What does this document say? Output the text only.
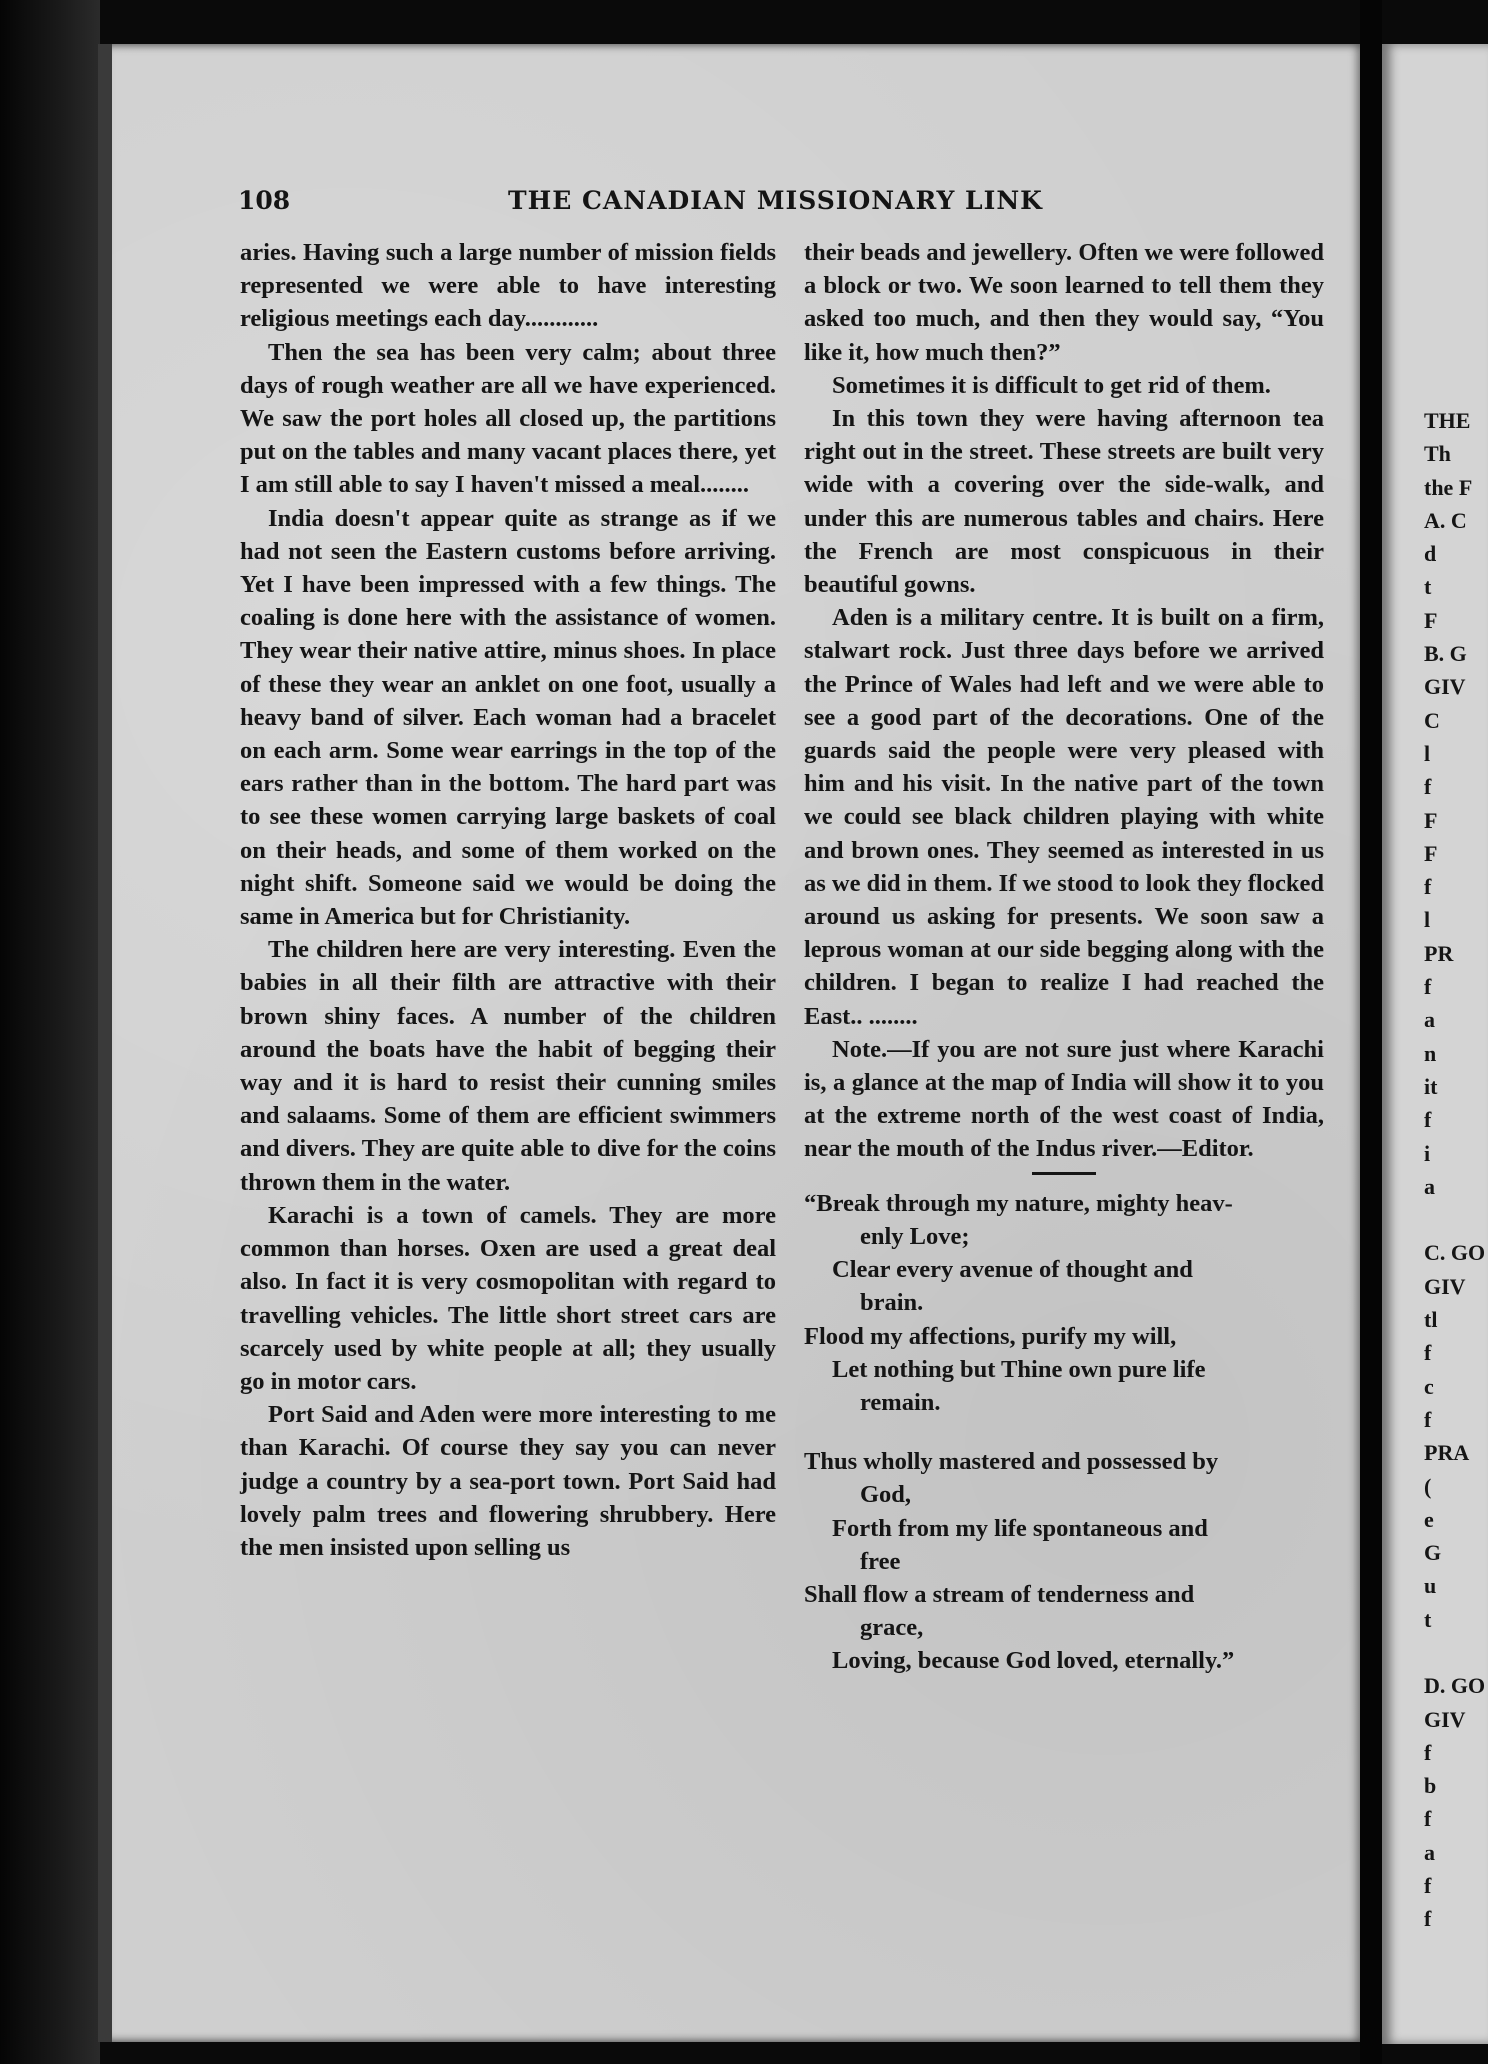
THE
Th
the F
A. C
d
t
F
B. G
GIV
C
l
f
F
F
f
l
PR
f
a
n
it
f
i
a
C. GO
GIV
tl
f
c
f
PRA
(
e
G
u
t
D. GO
GIV
f
b
f
a
f
f
108	THE CANADIAN MISSIONARY LINK

aries. Having such a large number of mission fields represented we were able to have interesting religious meetings each day............

Then the sea has been very calm; about three days of rough weather are all we have experienced. We saw the port holes all closed up, the partitions put on the tables and many vacant places there, yet I am still able to say I haven't missed a meal........

India doesn't appear quite as strange as if we had not seen the Eastern customs before arriving. Yet I have been impressed with a few things. The coaling is done here with the assistance of women. They wear their native attire, minus shoes. In place of these they wear an anklet on one foot, usually a heavy band of silver. Each woman had a bracelet on each arm. Some wear earrings in the top of the ears rather than in the bottom. The hard part was to see these women carrying large baskets of coal on their heads, and some of them worked on the night shift. Someone said we would be doing the same in America but for Christianity.

The children here are very interesting. Even the babies in all their filth are attractive with their brown shiny faces. A number of the children around the boats have the habit of begging their way and it is hard to resist their cunning smiles and salaams. Some of them are efficient swimmers and divers. They are quite able to dive for the coins thrown them in the water.

Karachi is a town of camels. They are more common than horses. Oxen are used a great deal also. In fact it is very cosmopolitan with regard to travelling vehicles. The little short street cars are scarcely used by white people at all; they usually go in motor cars.

Port Said and Aden were more interesting to me than Karachi. Of course they say you can never judge a country by a sea-port town. Port Said had lovely palm trees and flowering shrubbery. Here the men insisted upon selling us

their beads and jewellery. Often we were followed a block or two. We soon learned to tell them they asked too much, and then they would say, “You like it, how much then?”

Sometimes it is difficult to get rid of them.

In this town they were having afternoon tea right out in the street. These streets are built very wide with a covering over the side-walk, and under this are numerous tables and chairs. Here the French are most conspicuous in their beautiful gowns.

Aden is a military centre. It is built on a firm, stalwart rock. Just three days before we arrived the Prince of Wales had left and we were able to see a good part of the decorations. One of the guards said the people were very pleased with him and his visit. In the native part of the town we could see black children playing with white and brown ones. They seemed as interested in us as we did in them. If we stood to look they flocked around us asking for presents. We soon saw a leprous woman at our side begging along with the children. I began to realize I had reached the East.. ........

Note.—If you are not sure just where Karachi is, a glance at the map of India will show it to you at the extreme north of the west coast of India, near the mouth of the Indus river.—Editor.

“Break through my nature, mighty heav-

enly Love;

Clear every avenue of thought and

brain.

Flood my affections, purify my will,

Let nothing but Thine own pure life

remain.

Thus wholly mastered and possessed by

God,

Forth from my life spontaneous and

free

Shall flow a stream of tenderness and

grace,

Loving, because God loved, eternally.”
